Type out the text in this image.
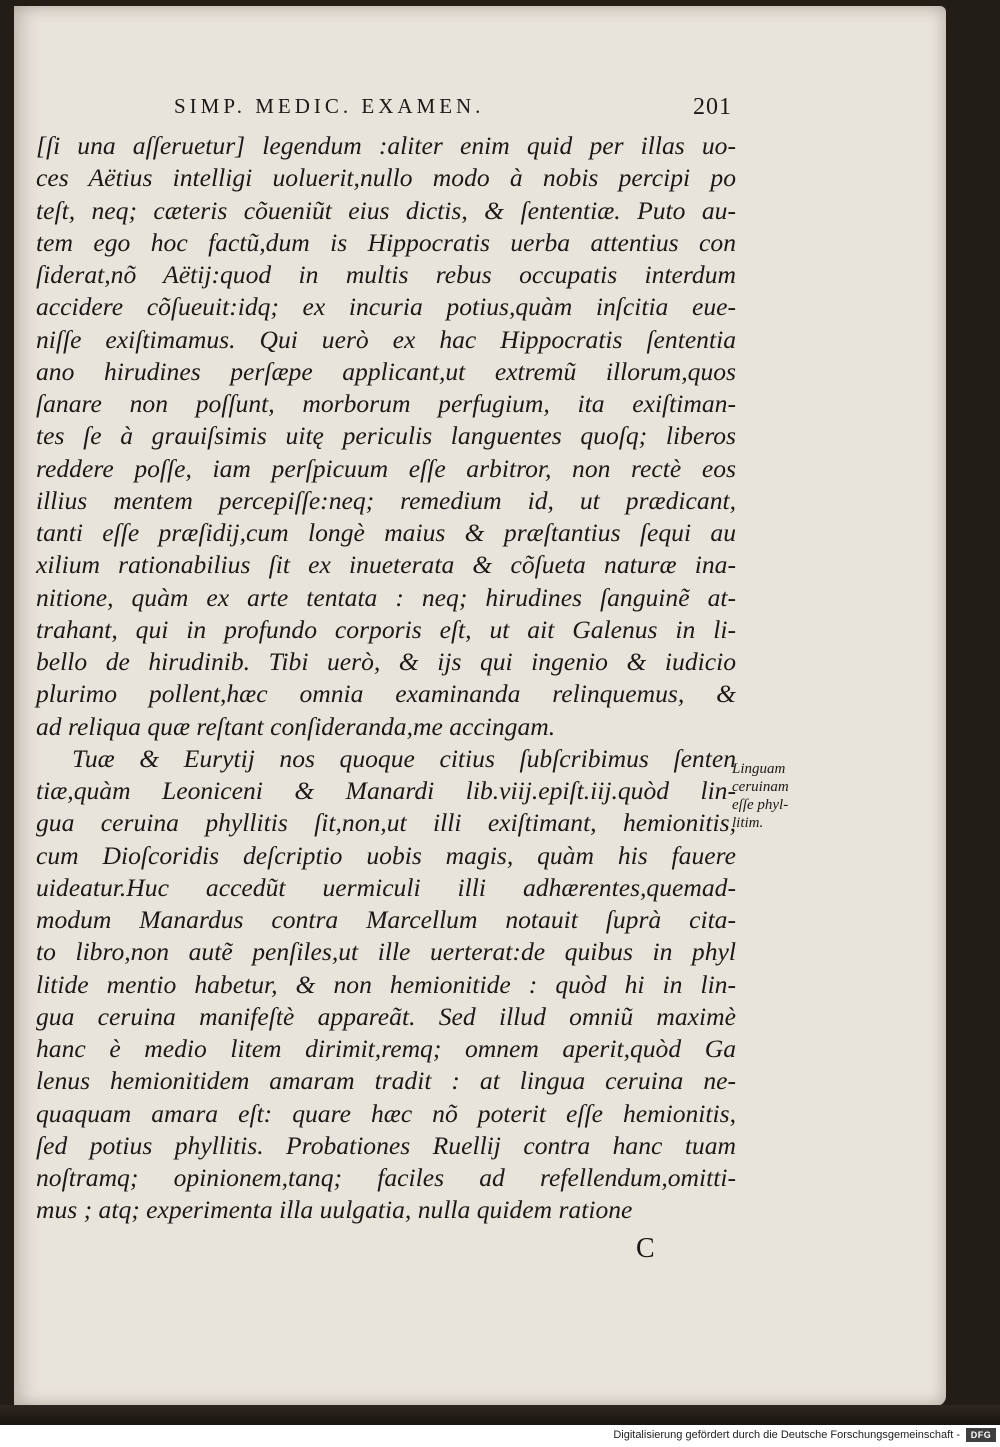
SIMP. MEDIC. EXAMEN.	201
[ſi una aſſeruetur] legendum :aliter enim quid per illas uo-
ces Aëtius intelligi uoluerit,nullo modo à nobis percipi po
teſt, neq; cæteris cõueniũt eius dictis, & ſententiæ. Puto au-
tem ego hoc factũ,dum is Hippocratis uerba attentius con
ſiderat,nõ Aëtij:quod in multis rebus occupatis interdum
accidere cõſueuit:idq; ex incuria potius,quàm inſcitia eue-
niſſe exiſtimamus. Qui uerò ex hac Hippocratis ſententia
ano hirudines perſæpe applicant,ut extremũ illorum,quos
ſanare non poſſunt, morborum perfugium, ita exiſtiman-
tes ſe à grauiſsimis uitę periculis languentes quoſq; liberos
reddere poſſe, iam perſpicuum eſſe arbitror, non rectè eos
illius mentem percepiſſe:neq; remedium id, ut prædicant,
tanti eſſe præſidij,cum longè maius & præſtantius ſequi au
xilium rationabilius ſit ex inueterata & cõſueta naturæ ina-
nitione, quàm ex arte tentata : neq; hirudines ſanguinẽ at-
trahant, qui in profundo corporis eſt, ut ait Galenus in li-
bello de hirudinib. Tibi uerò, & ijs qui ingenio & iudicio
plurimo pollent,hæc omnia examinanda relinquemus, &
ad reliqua quæ reſtant conſideranda,me accingam.
Tuæ & Eurytij nos quoque citius ſubſcribimus ſenten
tiæ,quàm Leoniceni & Manardi lib.viij.epiſt.iij.quòd lin-
gua ceruina phyllitis ſit,non,ut illi exiſtimant, hemionitis,
cum Dioſcoridis deſcriptio uobis magis, quàm his fauere
uideatur.Huc accedũt uermiculi illi adhærentes,quemad-
modum Manardus contra Marcellum notauit ſuprà cita-
to libro,non autẽ penſiles,ut ille uerterat:de quibus in phyl
litide mentio habetur, & non hemionitide : quòd hi in lin-
gua ceruina manifeſtè appareãt. Sed illud omniũ maximè
hanc è medio litem dirimit,remq; omnem aperit,quòd Ga
lenus hemionitidem amaram tradit : at lingua ceruina ne-
quaquam amara eſt: quare hæc nõ poterit eſſe hemionitis,
ſed potius phyllitis. Probationes Ruellij contra hanc tuam
noſtramq; opinionem,tanq; faciles ad refellendum,omitti-
mus ; atq; experimenta illa uulgatia, nulla quidem ratione
Linguam
ceruinam
eſſe phyl-
litim.
C
Digitalisierung gefördert durch die Deutsche Forschungsgemeinschaft -	DFG
